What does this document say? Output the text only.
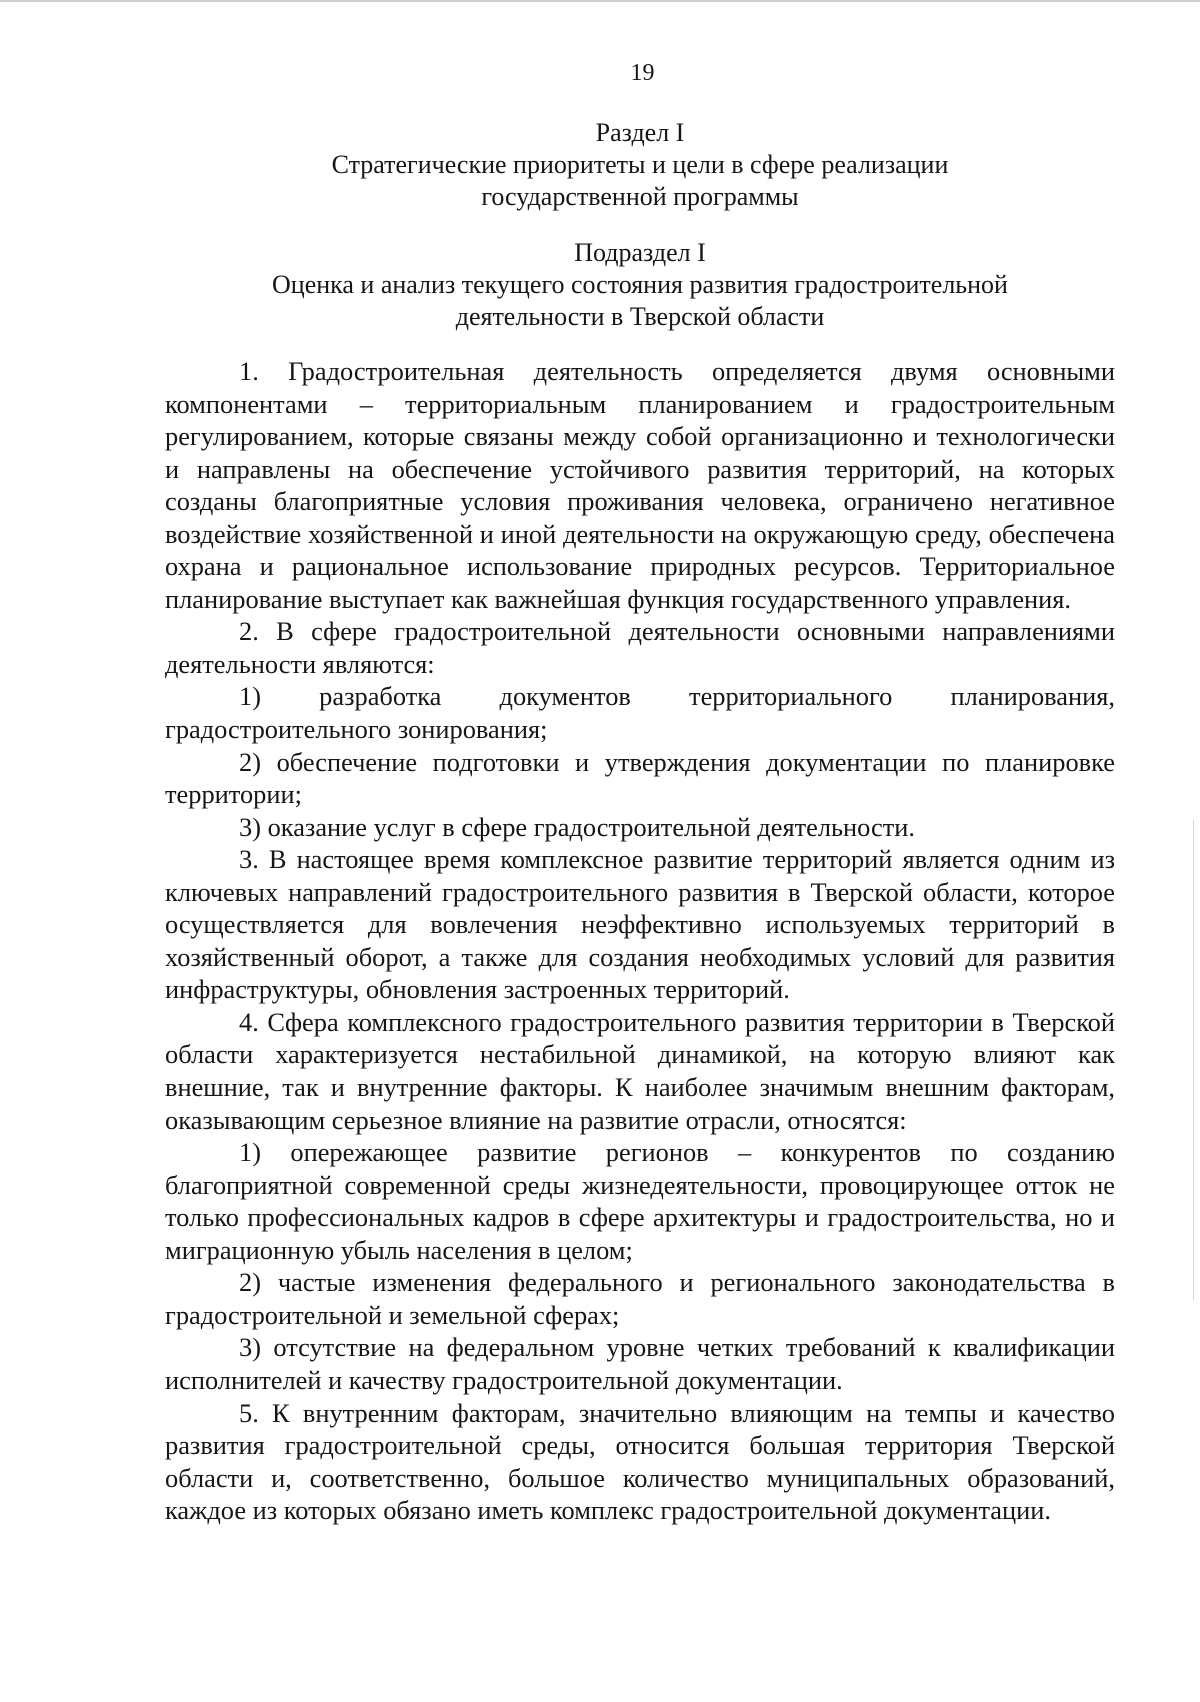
19
Раздел I
Стратегические приоритеты и цели в сфере реализации
государственной программы
Подраздел I
Оценка и анализ текущего состояния развития градостроительной
деятельности в Тверской области

1. Градостроительная деятельность определяется двумя основными компонентами – территориальным планированием и градостроительным регулированием, которые связаны между собой организационно и технологически и направлены на обеспечение устойчивого развития территорий, на которых созданы благоприятные условия проживания человека, ограничено негативное воздействие хозяйственной и иной деятельности на окружающую среду, обеспечена охрана и рациональное использование природных ресурсов. Территориальное планирование выступает как важнейшая функция государственного управления.

2. В сфере градостроительной деятельности основными направлениями деятельности являются:

1) разработка документов территориального планирования, градостроительного зонирования;

2) обеспечение подготовки и утверждения документации по планировке территории;

3) оказание услуг в сфере градостроительной деятельности.

3. В настоящее время комплексное развитие территорий является одним из ключевых направлений градостроительного развития в Тверской области, которое осуществляется для вовлечения неэффективно используемых территорий в хозяйственный оборот, а также для создания необходимых условий для развития инфраструктуры, обновления застроенных территорий.

4. Сфера комплексного градостроительного развития территории в Тверской области характеризуется нестабильной динамикой, на которую влияют как внешние, так и внутренние факторы. К наиболее значимым внешним факторам, оказывающим серьезное влияние на развитие отрасли, относятся:

1) опережающее развитие регионов – конкурентов по созданию благоприятной современной среды жизнедеятельности, провоцирующее отток не только профессиональных кадров в сфере архитектуры и градостроительства, но и миграционную убыль населения в целом;

2) частые изменения федерального и регионального законодательства в градостроительной и земельной сферах;

3) отсутствие на федеральном уровне четких требований к квалификации исполнителей и качеству градостроительной документации.

5. К внутренним факторам, значительно влияющим на темпы и качество развития градостроительной среды, относится большая территория Тверской области и, соответственно, большое количество муниципальных образований, каждое из которых обязано иметь комплекс градостроительной документации.
